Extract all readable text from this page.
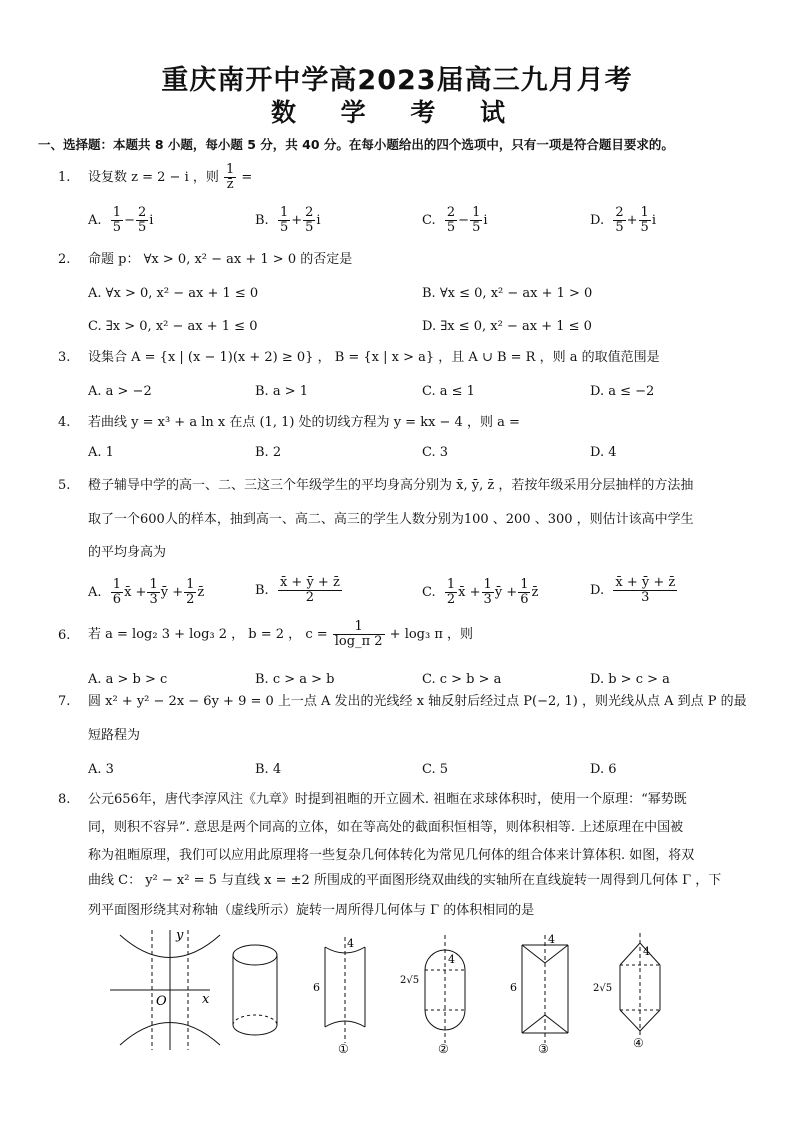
重庆南开中学高2023届高三九月月考
数 学 考 试
一、选择题：本题共 8 小题，每小题 5 分，共 40 分。在每小题给出的四个选项中，只有一项是符合题目要求的。
1. 设复数 z = 2 − i ，则 $\frac{1}{z̄}$ =
A. $\frac{1}{5} - \frac{2}{5}$ i	B. $\frac{1}{5} + \frac{2}{5}$ i	C. $\frac{2}{5} - \frac{1}{5}$ i	D. $\frac{2}{5} + \frac{1}{5}$ i
2. 命题 p： ∀x > 0, x² − ax + 1 > 0 的否定是
A. ∀x > 0, x² − ax + 1 ≤ 0	B. ∀x ≤ 0, x² − ax + 1 > 0
C. ∃x > 0, x² − ax + 1 ≤ 0	D. ∃x ≤ 0, x² − ax + 1 ≤ 0
3. 设集合 A = {x | (x − 1)(x + 2) ≥ 0} ， B = {x | x > a} ，且 A ∪ B = R ，则 a 的取值范围是
A. a > −2	B. a > 1	C. a ≤ 1	D. a ≤ −2
4. 若曲线 y = x³ + a ln x 在点 (1, 1) 处的切线方程为 y = kx − 4 ，则 a =
A. 1	B. 2	C. 3	D. 4
5. 橙子辅导中学的高一、二、三这三个年级学生的平均身高分别为 x̄, ȳ, z̄ ，若按年级采用分层抽样的方法抽
取了一个600人的样本，抽到高一、高二、高三的学生人数分别为100 、200 、300 ，则估计该高中学生
的平均身高为
A. $\frac{1}{6}$ x̄ + $\frac{1}{3}$ ȳ + $\frac{1}{2}$ z̄	B. $\frac{x̄ + ȳ + z̄}{2}$	C. $\frac{1}{2}$ x̄ + $\frac{1}{3}$ ȳ + $\frac{1}{6}$ z̄	D. $\frac{x̄ + ȳ + z̄}{3}$
6. 若 a = log₂ 3 + log₃ 2 ， b = 2 ， $c = \frac{1}{\log\_\pi 2} + \log_3$ π ，则
A. a > b > c	B. c > a > b	C. c > b > a	D. b > c > a
7. 圆 x² + y² − 2x − 6y + 9 = 0 上一点 A 发出的光线经 x 轴反射后经过点 P(−2, 1) ，则光线从点 A 到点 P 的最
短路程为
A. 3	B. 4	C. 5	D. 6
8. 公元656年，唐代李淳风注《九章》时提到祖暅的开立圆术. 祖暅在求球体积时，使用一个原理：“幂势既
同，则积不容异”. 意思是两个同高的立体，如在等高处的截面积恒相等，则体积相等. 上述原理在中国被
称为祖暅原理，我们可以应用此原理将一些复杂几何体转化为常见几何体的组合体来计算体积. 如图，将双
曲线 C： y² − x² = 5 与直线 x = ±2 所围成的平面图形绕双曲线的实轴所在直线旋转一周得到几何体 Γ ，下
列平面图形绕其对称轴（虚线所示）旋转一周所得几何体与 Γ 的体积相同的是
y
x
O
4
6
①
4
2√5
②
4
6
③
4
2√5
④
